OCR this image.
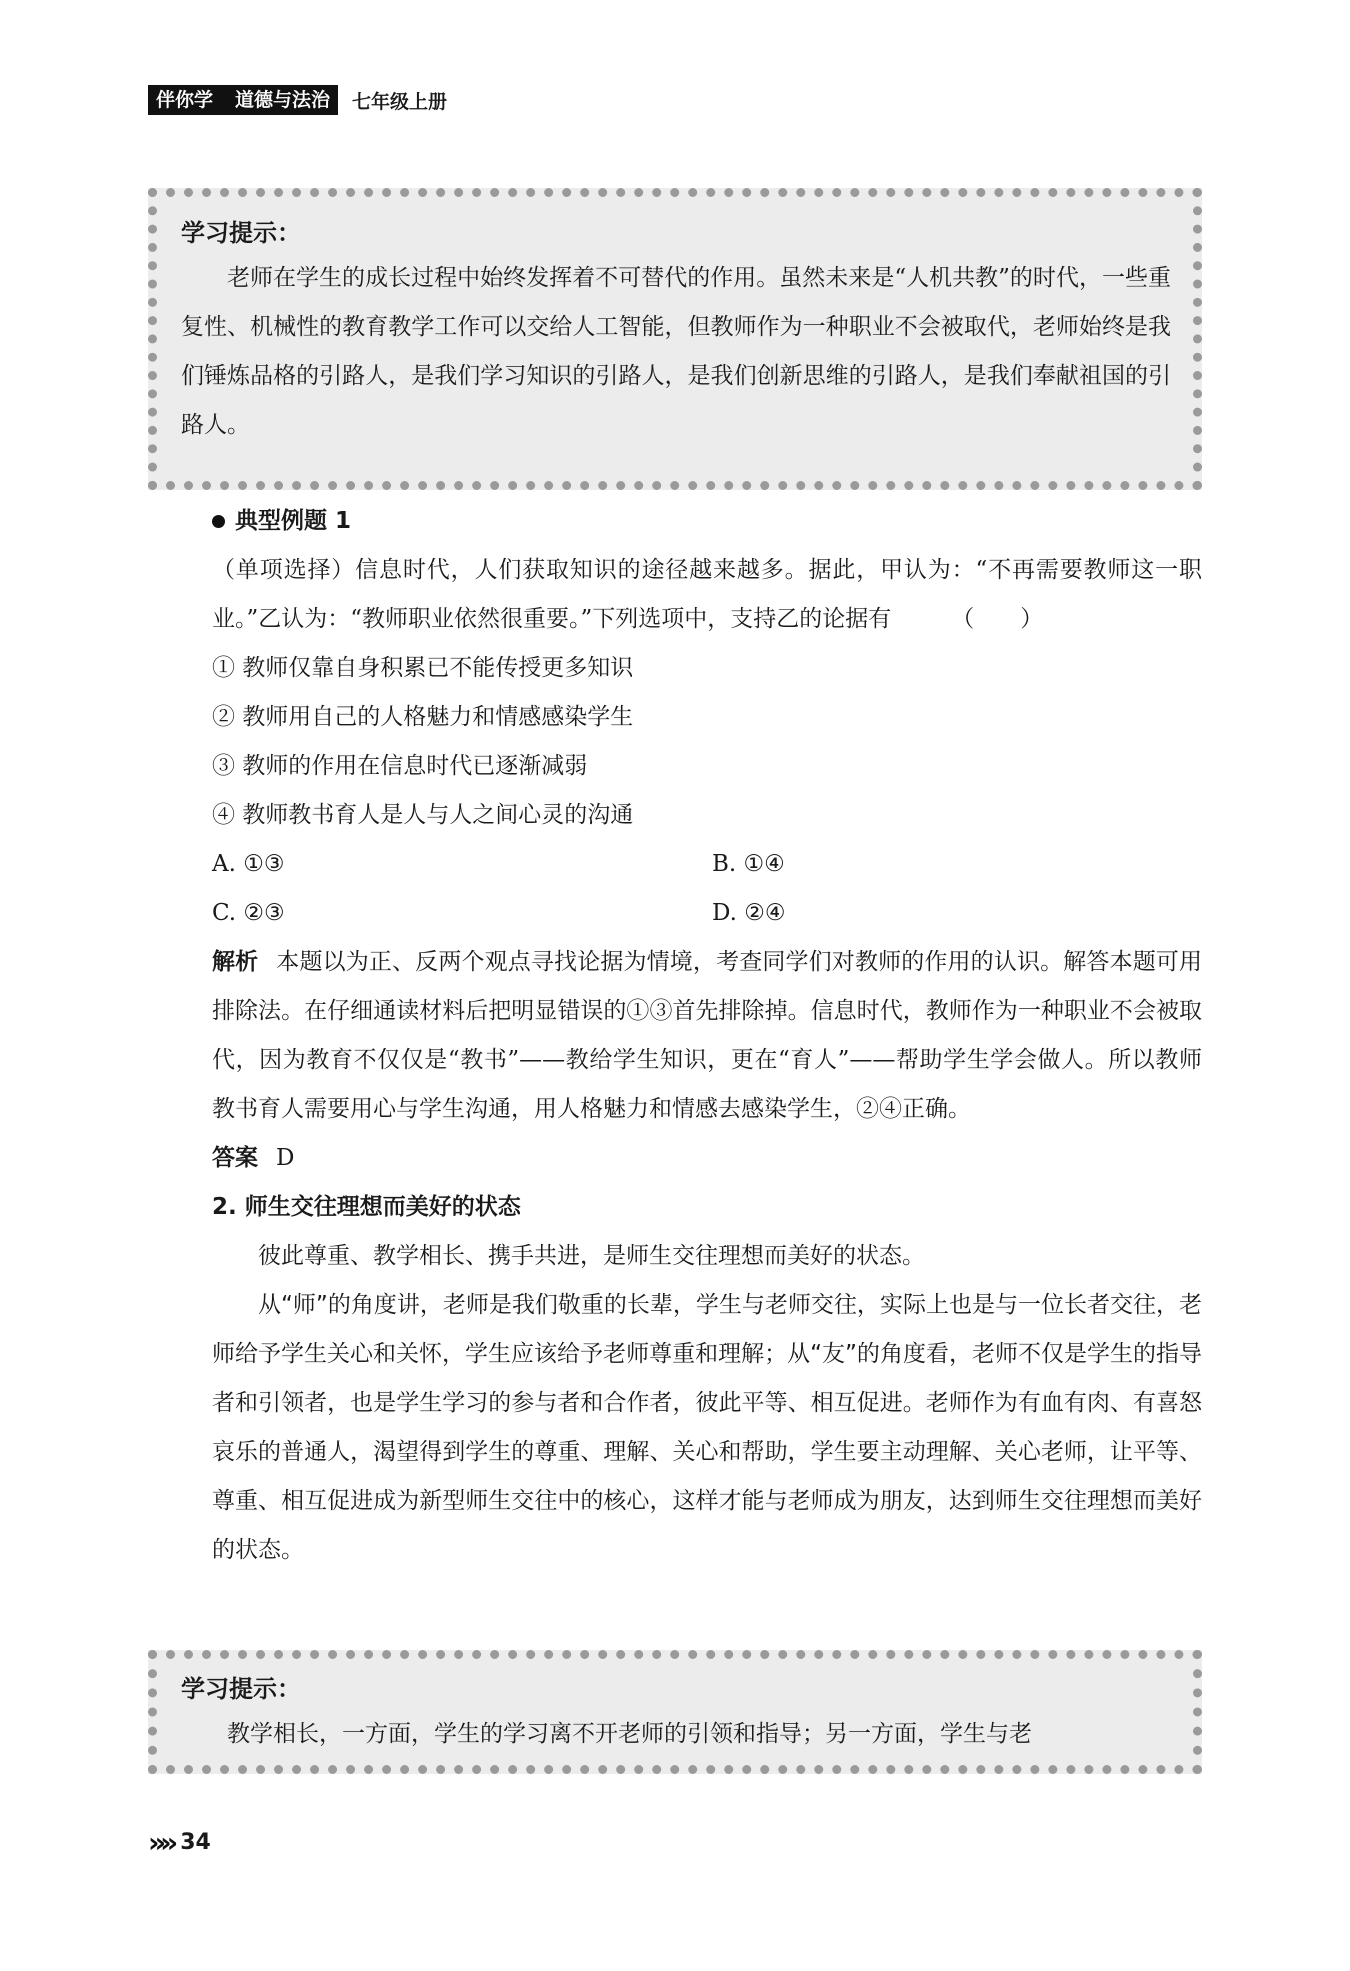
伴你学 道德与法治 七年级上册
学习提示：
老师在学生的成长过程中始终发挥着不可替代的作用。虽然未来是“人机共教”的时代，一些重复性、机械性的教育教学工作可以交给人工智能，但教师作为一种职业不会被取代，老师始终是我们锤炼品格的引路人，是我们学习知识的引路人，是我们创新思维的引路人，是我们奉献祖国的引路人。
典型例题 1
（单项选择）信息时代，人们获取知识的途径越来越多。据此，甲认为：“不再需要教师这一职业。”乙认为：“教师职业依然很重要。”下列选项中，支持乙的论据有	（　　）
① 教师仅靠自身积累已不能传授更多知识
② 教师用自己的人格魅力和情感感染学生
③ 教师的作用在信息时代已逐渐减弱
④ 教师教书育人是人与人之间心灵的沟通
A. ①③	B. ①④
C. ②③	D. ②④
解析 本题以为正、反两个观点寻找论据为情境，考查同学们对教师的作用的认识。解答本题可用排除法。在仔细通读材料后把明显错误的①③首先排除掉。信息时代，教师作为一种职业不会被取代，因为教育不仅仅是“教书”——教给学生知识，更在“育人”——帮助学生学会做人。所以教师教书育人需要用心与学生沟通，用人格魅力和情感去感染学生，②④正确。
答案 D
2. 师生交往理想而美好的状态
彼此尊重、教学相长、携手共进，是师生交往理想而美好的状态。
从“师”的角度讲，老师是我们敬重的长辈，学生与老师交往，实际上也是与一位长者交往，老师给予学生关心和关怀，学生应该给予老师尊重和理解；从“友”的角度看，老师不仅是学生的指导者和引领者，也是学生学习的参与者和合作者，彼此平等、相互促进。老师作为有血有肉、有喜怒哀乐的普通人，渴望得到学生的尊重、理解、关心和帮助，学生要主动理解、关心老师，让平等、尊重、相互促进成为新型师生交往中的核心，这样才能与老师成为朋友，达到师生交往理想而美好的状态。
学习提示：
教学相长，一方面，学生的学习离不开老师的引领和指导；另一方面，学生与老
»» 34
